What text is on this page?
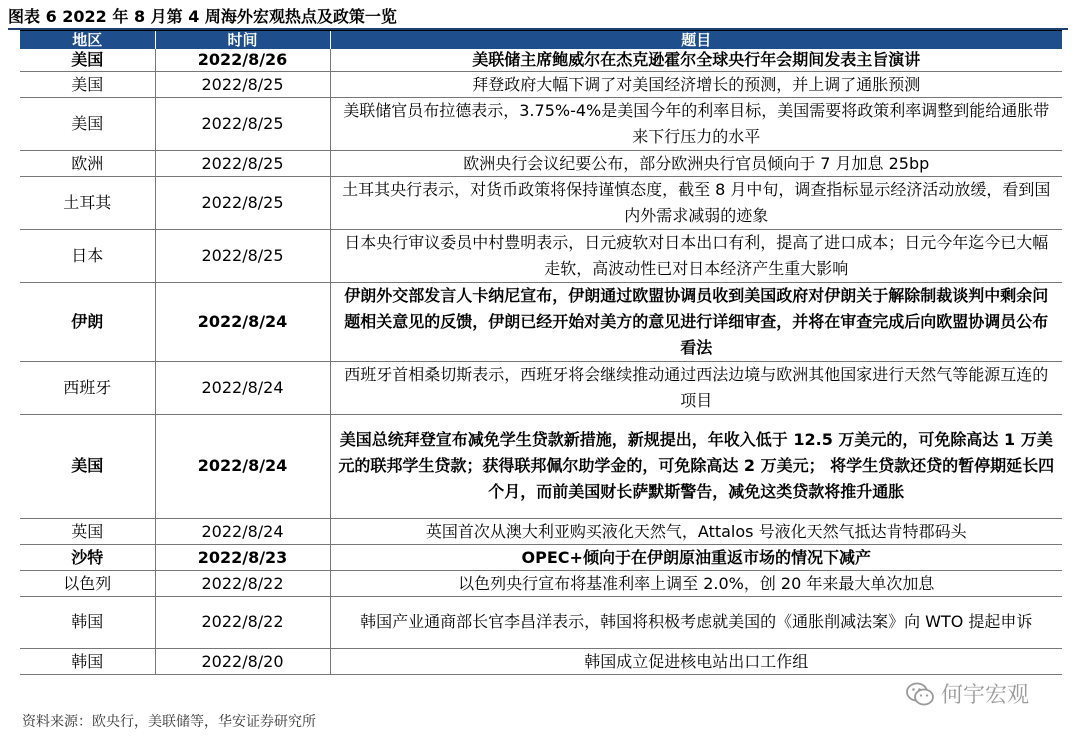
图表 6 2022 年 8 月第 4 周海外宏观热点及政策一览
地区	时间	题目
美国	2022/8/26	美联储主席鲍威尔在杰克逊霍尔全球央行年会期间发表主旨演讲
美国	2022/8/25	拜登政府大幅下调了对美国经济增长的预测，并上调了通胀预测
美国	2022/8/25	美联储官员布拉德表示，3.75%-4%是美国今年的利率目标，美国需要将政策利率调整到能给通胀带来下行压力的水平
欧洲	2022/8/25	欧洲央行会议纪要公布，部分欧洲央行官员倾向于 7 月加息 25bp
土耳其	2022/8/25	土耳其央行表示，对货币政策将保持谨慎态度，截至 8 月中旬，调查指标显示经济活动放缓，看到国内外需求减弱的迹象
日本	2022/8/25	日本央行审议委员中村豊明表示，日元疲软对日本出口有利，提高了进口成本；日元今年迄今已大幅走软，高波动性已对日本经济产生重大影响
伊朗	2022/8/24	伊朗外交部发言人卡纳尼宣布，伊朗通过欧盟协调员收到美国政府对伊朗关于解除制裁谈判中剩余问题相关意见的反馈，伊朗已经开始对美方的意见进行详细审查，并将在审查完成后向欧盟协调员公布看法
西班牙	2022/8/24	西班牙首相桑切斯表示，西班牙将会继续推动通过西法边境与欧洲其他国家进行天然气等能源互连的项目
美国	2022/8/24	美国总统拜登宣布减免学生贷款新措施，新规提出，年收入低于 12.5 万美元的，可免除高达 1 万美元的联邦学生贷款；获得联邦佩尔助学金的，可免除高达 2 万美元； 将学生贷款还贷的暂停期延长四个月，而前美国财长萨默斯警告，减免这类贷款将推升通胀
英国	2022/8/24	英国首次从澳大利亚购买液化天然气，Attalos 号液化天然气抵达肯特郡码头
沙特	2022/8/23	OPEC+倾向于在伊朗原油重返市场的情况下减产
以色列	2022/8/22	以色列央行宣布将基准利率上调至 2.0%，创 20 年来最大单次加息
韩国	2022/8/22	韩国产业通商部长官李昌洋表示，韩国将积极考虑就美国的《通胀削减法案》向 WTO 提起申诉
韩国	2022/8/20	韩国成立促进核电站出口工作组
资料来源：欧央行，美联储等，华安证券研究所
何宇宏观
